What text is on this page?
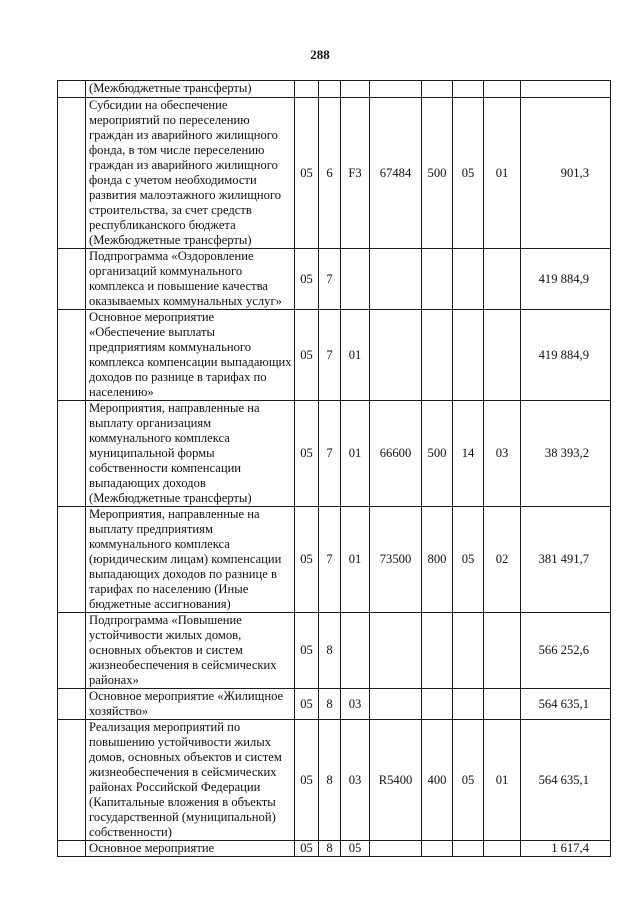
288
	(Межбюджетные трансферты)								
	Субсидии на обеспечение мероприятий по переселению граждан из аварийного жилищного фонда, в том числе переселению граждан из аварийного жилищного фонда с учетом необходимости развития малоэтажного жилищного строительства, за счет средств республиканского бюджета (Межбюджетные трансферты)	05	6	F3	67484	500	05	01	901,3
	Подпрограмма «Оздоровление организаций коммунального комплекса и повышение качества оказываемых коммунальных услуг»	05	7						419 884,9
	Основное мероприятие «Обеспечение выплаты предприятиям коммунального комплекса компенсации выпадающих доходов по разнице в тарифах по населению»	05	7	01					419 884,9
	Мероприятия, направленные на выплату организациям коммунального комплекса муниципальной формы собственности компенсации выпадающих доходов (Межбюджетные трансферты)	05	7	01	66600	500	14	03	38 393,2
	Мероприятия, направленные на выплату предприятиям коммунального комплекса (юридическим лицам) компенсации выпадающих доходов по разнице в тарифах по населению (Иные бюджетные ассигнования)	05	7	01	73500	800	05	02	381 491,7
	Подпрограмма «Повышение устойчивости жилых домов, основных объектов и систем жизнеобеспечения в сейсмических районах»	05	8						566 252,6
	Основное мероприятие «Жилищное хозяйство»	05	8	03					564 635,1
	Реализация мероприятий по повышению устойчивости жилых домов, основных объектов и систем жизнеобеспечения в сейсмических районах Российской Федерации (Капитальные вложения в объекты государственной (муниципальной) собственности)	05	8	03	R5400	400	05	01	564 635,1
	Основное мероприятие	05	8	05					1 617,4
